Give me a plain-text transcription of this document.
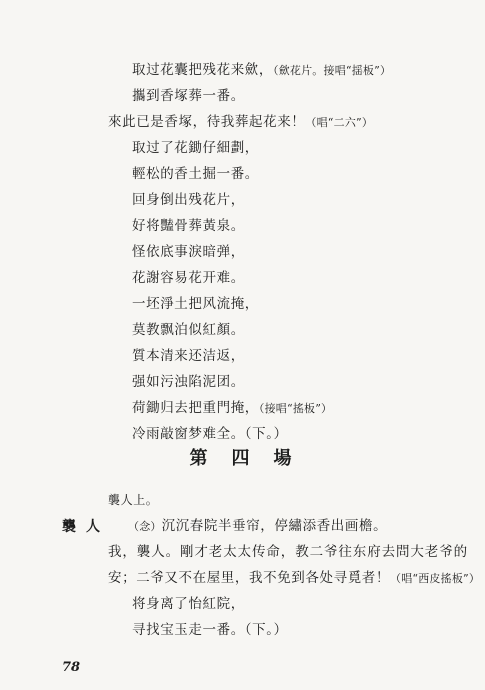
取过花囊把残花来歛，（歛花片。接唱“揺板”）
攜到香塚葬一番。
來此已是香塚，待我葬起花来！（唱“二六”）
取过了花鋤仔細劃，
輕松的香土掘一番。
回身倒出残花片，
好将豔骨葬黃泉。
怪依底事淚暗弹，
花謝容易花开难。
一坯淨土把风流掩，
莫教飘泊似紅顏。
質本清来还洁返，
强如污浊陷泥团。
荷鋤归去把重門掩，（接唱“搖板”）
冷雨敲窗梦难全。（下。）
第 四 場
襲人上。
襲人 （念）沉沉春院半垂帘，停繡添香出画檐。
我，襲人。剛才老太太传命，教二爷往东府去問大老爷的
安；二爷又不在屋里，我不免到各处寻覓者！（唱“西皮搖板”）
将身离了怡紅院，
寻找宝玉走一番。（下。）
78
